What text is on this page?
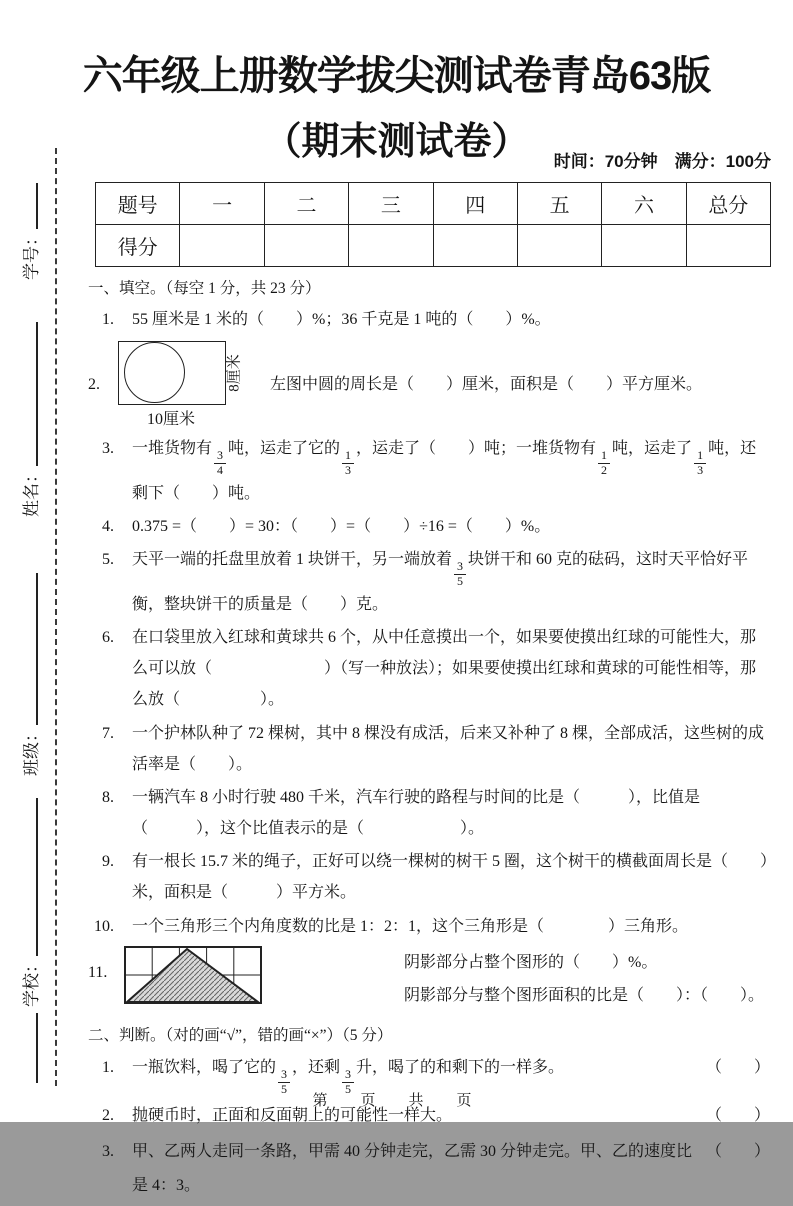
学校：
班级：
姓名：
学号：
六年级上册数学拔尖测试卷青岛63版
（期末测试卷）	时间：70分钟　满分：100分
题号	一	二	三	四	五	六	总分
得分							
一、填空。（每空 1 分，共 23 分）
1. 55 厘米是 1 米的（　　）%；36 千克是 1 吨的（　　）%。
2.	8厘米
10厘米
左图中圆的周长是（　　）厘米，面积是（　　）平方厘米。
3. 一堆货物有
$\frac{3}{4}$
吨，运走了它的
$\frac{1}{3}$
，运走了（　　）吨；一堆货物有
$\frac{1}{2}$
吨，运走了
$\frac{1}{3}$
吨，还剩下（　　）吨。
4. 0.375 =（　　）= 30：（　　）=（　　）÷16 =（　　）%。
5. 天平一端的托盘里放着 1 块饼干，另一端放着
$\frac{3}{5}$
块饼干和 60 克的砝码，这时天平恰好平衡，整块饼干的质量是（　　）克。
6. 在口袋里放入红球和黄球共 6 个，从中任意摸出一个，如果要使摸出红球的可能性大，那么可以放（　　　　　　　）（写一种放法）；如果要使摸出红球和黄球的可能性相等，那么放（　　　　　）。
7. 一个护林队种了 72 棵树，其中 8 棵没有成活，后来又补种了 8 棵，全部成活，这些树的成活率是（　　）。
8. 一辆汽车 8 小时行驶 480 千米，汽车行驶的路程与时间的比是（　　　），比值是（　　　），这个比值表示的是（　　　　　　）。
9. 有一根长 15.7 米的绳子，正好可以绕一棵树的树干 5 圈，这个树干的横截面周长是（　　）米，面积是（　　　）平方米。
10. 一个三角形三个内角度数的比是 1：2：1，这个三角形是（　　　　）三角形。
11.
阴影部分占整个图形的（　　）%。
阴影部分与整个图形面积的比是（　　）：（　　）。
二、判断。（对的画“√”，错的画“×”）（5 分）
1. 一瓶饮料，喝了它的
$\frac{3}{5}$
，还剩
$\frac{3}{5}$
升，喝了的和剩下的一样多。	（　　）
2. 抛硬币时，正面和反面朝上的可能性一样大。	（　　）
3. 甲、乙两人走同一条路，甲需 40 分钟走完，乙需 30 分钟走完。甲、乙的速度比是 4：3。
（　　）
第　页　共　页
